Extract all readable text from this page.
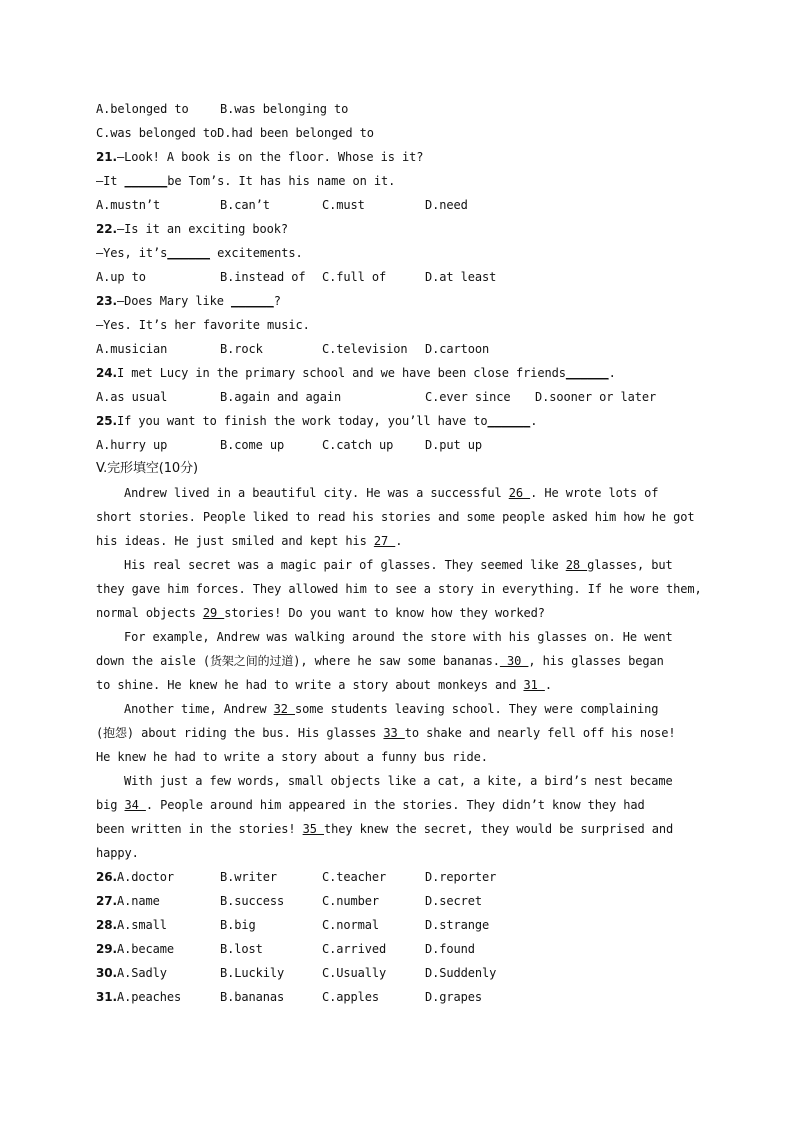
A.belonged to	B.was belonging to
C.was belonged toD.had been belonged to
21.—Look! A book is on the floor. Whose is it?
—It ______be Tom’s. It has his name on it.
A.mustn’t	B.can’t	C.must	D.need
22.—Is it an exciting book?
—Yes, it’s______ excitements.
A.up to	B.instead of C.full of	D.at least
23.—Does Mary like ______?
—Yes. It’s her favorite music.
A.musician	B.rock	C.television D.cartoon
24.I met Lucy in the primary school and we have been close friends______.
A.as usual	B.again and again	C.ever since D.sooner or later
25.If you want to finish the work today, you’ll have to______.
A.hurry up	B.come up	C.catch up	D.put up
V.完形填空(10分)
Andrew lived in a beautiful city. He was a successful 26 . He wrote lots of
short stories. People liked to read his stories and some people asked him how he got
his ideas. He just smiled and kept his 27 .
His real secret was a magic pair of glasses. They seemed like 28 glasses, but
they gave him forces. They allowed him to see a story in everything. If he wore them,
normal objects 29 stories! Do you want to know how they worked?
For example, Andrew was walking around the store with his glasses on. He went
down the aisle (货架之间的过道), where he saw some bananas. 30 , his glasses began
to shine. He knew he had to write a story about monkeys and 31 .
Another time, Andrew 32 some students leaving school. They were complaining
(抱怨) about riding the bus. His glasses 33 to shake and nearly fell off his nose!
He knew he had to write a story about a funny bus ride.
With just a few words, small objects like a cat, a kite, a bird’s nest became
big 34 . People around him appeared in the stories. They didn’t know they had
been written in the stories! 35 they knew the secret, they would be surprised and
happy.
26.A.doctor	B.writer	C.teacher	D.reporter
27.A.name	B.success	C.number	D.secret
28.A.small	B.big	C.normal	D.strange
29.A.became	B.lost	C.arrived	D.found
30.A.Sadly	B.Luckily	C.Usually	D.Suddenly
31.A.peaches	B.bananas	C.apples	D.grapes
